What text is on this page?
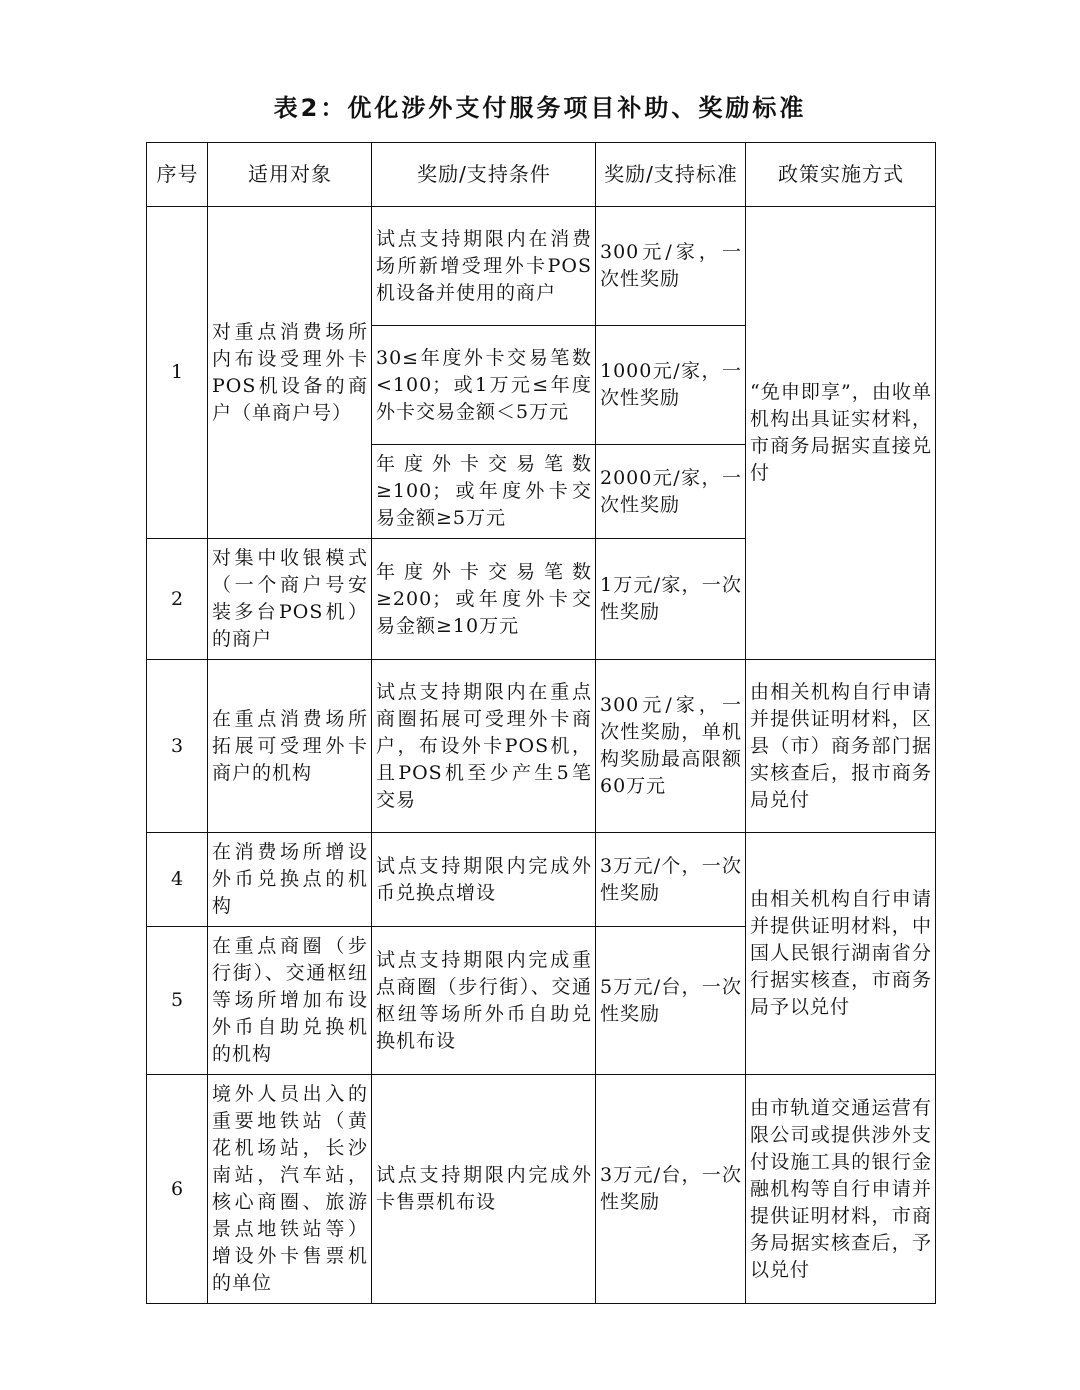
表2：优化涉外支付服务项目补助、奖励标准
序号	适用对象	奖励/支持条件	奖励/支持标准	政策实施方式
1	对重点消费场所内布设受理外卡POS机设备的商户（单商户号）	试点支持期限内在消费场所新增受理外卡POS机设备并使用的商户	300元/家，一次性奖励	“免申即享”，由收单机构出具证实材料，市商务局据实直接兑付
		30≤年度外卡交易笔数<100；或1万元≤年度外卡交易金额＜5万元	1000元/家，一次性奖励	
		年度外卡交易笔数≥100；或年度外卡交易金额≥5万元	2000元/家，一次性奖励	
2	对集中收银模式（一个商户号安装多台POS机）的商户	年度外卡交易笔数≥200；或年度外卡交易金额≥10万元	1万元/家，一次性奖励	
3	在重点消费场所拓展可受理外卡商户的机构	试点支持期限内在重点商圈拓展可受理外卡商户，布设外卡POS机，且POS机至少产生5笔交易	300元/家，一次性奖励，单机构奖励最高限额60万元	由相关机构自行申请并提供证明材料，区县（市）商务部门据实核查后，报市商务局兑付
4	在消费场所增设外币兑换点的机构	试点支持期限内完成外币兑换点增设	3万元/个，一次性奖励	由相关机构自行申请并提供证明材料，中国人民银行湖南省分行据实核查，市商务局予以兑付
5	在重点商圈（步行街）、交通枢纽等场所增加布设外币自助兑换机的机构	试点支持期限内完成重点商圈（步行街）、交通枢纽等场所外币自助兑换机布设	5万元/台，一次性奖励	
6	境外人员出入的重要地铁站（黄花机场站，长沙南站，汽车站，核心商圈、旅游景点地铁站等）增设外卡售票机的单位	试点支持期限内完成外卡售票机布设	3万元/台，一次性奖励	由市轨道交通运营有限公司或提供涉外支付设施工具的银行金融机构等自行申请并提供证明材料，市商务局据实核查后，予以兑付
